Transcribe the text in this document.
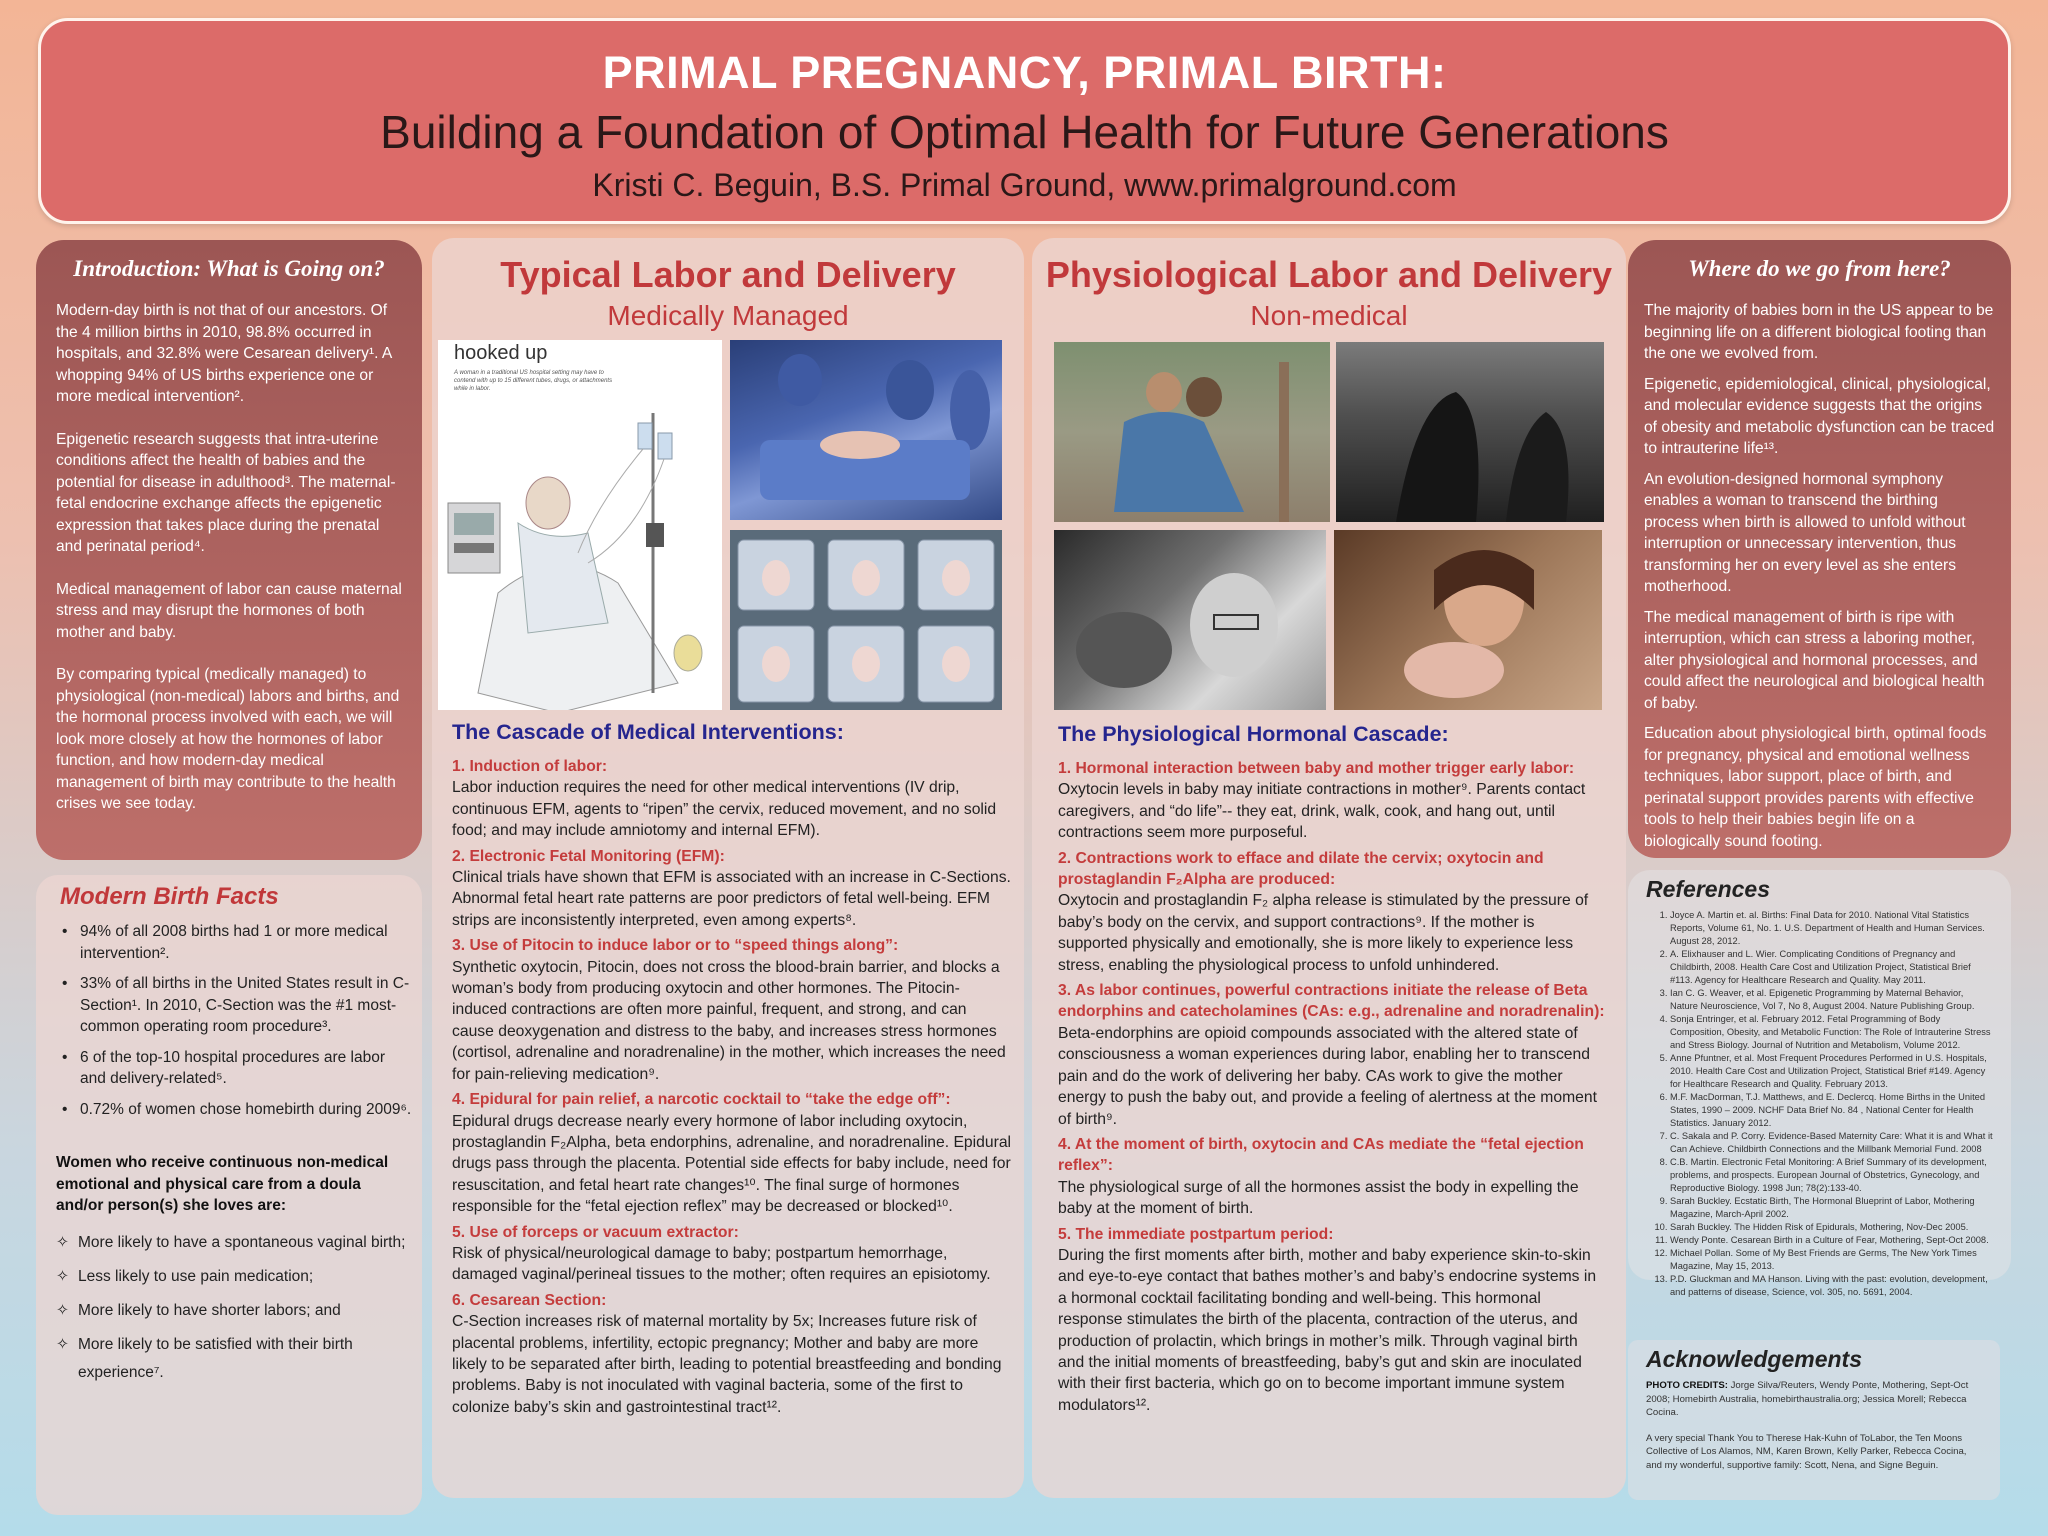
PRIMAL PREGNANCY, PRIMAL BIRTH:
Building a Foundation of Optimal Health for Future Generations
Kristi C. Beguin, B.S. Primal Ground, www.primalground.com
Introduction: What is Going on?

Modern-day birth is not that of our ancestors. Of the 4 million births in 2010, 98.8% occurred in hospitals, and 32.8% were Cesarean delivery¹. A whopping 94% of US births experience one or more medical intervention².

Epigenetic research suggests that intra-uterine conditions affect the health of babies and the potential for disease in adulthood³. The maternal-fetal endocrine exchange affects the epigenetic expression that takes place during the prenatal and perinatal period⁴.

Medical management of labor can cause maternal stress and may disrupt the hormones of both mother and baby.

By comparing typical (medically managed) to physiological (non-medical) labors and births, and the hormonal process involved with each, we will look more closely at how the hormones of labor function, and how modern-day medical management of birth may contribute to the health crises we see today.

Modern Birth Facts
• 94% of all 2008 births had 1 or more medical intervention².
• 33% of all births in the United States result in C-Section¹. In 2010, C-Section was the #1 most-common operating room procedure³.
• 6 of the top-10 hospital procedures are labor and delivery-related⁵.
• 0.72% of women chose homebirth during 2009⁶.
Women who receive continuous non-medical emotional and physical care from a doula and/or person(s) she loves are:
✧ More likely to have a spontaneous vaginal birth;
✧ Less likely to use pain medication;
✧ More likely to have shorter labors; and
✧ More likely to be satisfied with their birth experience⁷.
Typical Labor and Delivery
Medically Managed
hooked up
A woman in a traditional US hospital setting may have to contend with up to 15 different tubes, drugs, or attachments while in labor.
The Cascade of Medical Interventions:
1. Induction of labor:
Labor induction requires the need for other medical interventions (IV drip, continuous EFM, agents to “ripen” the cervix, reduced movement, and no solid food; and may include amniotomy and internal EFM).
2. Electronic Fetal Monitoring (EFM):
Clinical trials have shown that EFM is associated with an increase in C-Sections. Abnormal fetal heart rate patterns are poor predictors of fetal well-being. EFM strips are inconsistently interpreted, even among experts⁸.
3. Use of Pitocin to induce labor or to “speed things along”:
Synthetic oxytocin, Pitocin, does not cross the blood-brain barrier, and blocks a woman’s body from producing oxytocin and other hormones. The Pitocin-induced contractions are often more painful, frequent, and strong, and can cause deoxygenation and distress to the baby, and increases stress hormones (cortisol, adrenaline and noradrenaline) in the mother, which increases the need for pain-relieving medication⁹.
4. Epidural for pain relief, a narcotic cocktail to “take the edge off”:
Epidural drugs decrease nearly every hormone of labor including oxytocin, prostaglandin F₂Alpha, beta endorphins, adrenaline, and noradrenaline. Epidural drugs pass through the placenta. Potential side effects for baby include, need for resuscitation, and fetal heart rate changes¹⁰. The final surge of hormones responsible for the “fetal ejection reflex” may be decreased or blocked¹⁰.
5. Use of forceps or vacuum extractor:
Risk of physical/neurological damage to baby; postpartum hemorrhage, damaged vaginal/perineal tissues to the mother; often requires an episiotomy.
6. Cesarean Section:
C-Section increases risk of maternal mortality by 5x; Increases future risk of placental problems, infertility, ectopic pregnancy; Mother and baby are more likely to be separated after birth, leading to potential breastfeeding and bonding problems. Baby is not inoculated with vaginal bacteria, some of the first to colonize baby’s skin and gastrointestinal tract¹².
Physiological Labor and Delivery
Non-medical
The Physiological Hormonal Cascade:
1. Hormonal interaction between baby and mother trigger early labor:
Oxytocin levels in baby may initiate contractions in mother⁹. Parents contact caregivers, and “do life”-- they eat, drink, walk, cook, and hang out, until contractions seem more purposeful.
2. Contractions work to efface and dilate the cervix; oxytocin and prostaglandin F₂Alpha are produced:
Oxytocin and prostaglandin F₂ alpha release is stimulated by the pressure of baby’s body on the cervix, and support contractions⁹. If the mother is supported physically and emotionally, she is more likely to experience less stress, enabling the physiological process to unfold unhindered.
3. As labor continues, powerful contractions initiate the release of Beta endorphins and catecholamines (CAs: e.g., adrenaline and noradrenalin):
Beta-endorphins are opioid compounds associated with the altered state of consciousness a woman experiences during labor, enabling her to transcend pain and do the work of delivering her baby. CAs work to give the mother energy to push the baby out, and provide a feeling of alertness at the moment of birth⁹.
4. At the moment of birth, oxytocin and CAs mediate the “fetal ejection reflex”:
The physiological surge of all the hormones assist the body in expelling the baby at the moment of birth.
5. The immediate postpartum period:
During the first moments after birth, mother and baby experience skin-to-skin and eye-to-eye contact that bathes mother’s and baby’s endocrine systems in a hormonal cocktail facilitating bonding and well-being. This hormonal response stimulates the birth of the placenta, contraction of the uterus, and production of prolactin, which brings in mother’s milk. Through vaginal birth and the initial moments of breastfeeding, baby’s gut and skin are inoculated with their first bacteria, which go on to become important immune system modulators¹².
Where do we go from here?

The majority of babies born in the US appear to be beginning life on a different biological footing than the one we evolved from.

Epigenetic, epidemiological, clinical, physiological, and molecular evidence suggests that the origins of obesity and metabolic dysfunction can be traced to intrauterine life¹³.

An evolution-designed hormonal symphony enables a woman to transcend the birthing process when birth is allowed to unfold without interruption or unnecessary intervention, thus transforming her on every level as she enters motherhood.

The medical management of birth is ripe with interruption, which can stress a laboring mother, alter physiological and hormonal processes, and could affect the neurological and biological health of baby.

Education about physiological birth, optimal foods for pregnancy, physical and emotional wellness techniques, labor support, place of birth, and perinatal support provides parents with effective tools to help their babies begin life on a biologically sound footing.

References
1. Joyce A. Martin et. al. Births: Final Data for 2010. National Vital Statistics Reports, Volume 61, No. 1. U.S. Department of Health and Human Services. August 28, 2012.
2. A. Elixhauser and L. Wier. Complicating Conditions of Pregnancy and Childbirth, 2008. Health Care Cost and Utilization Project, Statistical Brief #113. Agency for Healthcare Research and Quality. May 2011.
3. Ian C. G. Weaver, et al. Epigenetic Programming by Maternal Behavior, Nature Neuroscience, Vol 7, No 8, August 2004. Nature Publishing Group.
4. Sonja Entringer, et al. February 2012. Fetal Programming of Body Composition, Obesity, and Metabolic Function: The Role of Intrauterine Stress and Stress Biology. Journal of Nutrition and Metabolism, Volume 2012.
5. Anne Pfuntner, et al. Most Frequent Procedures Performed in U.S. Hospitals, 2010. Health Care Cost and Utilization Project, Statistical Brief #149. Agency for Healthcare Research and Quality. February 2013.
6. M.F. MacDorman, T.J. Matthews, and E. Declercq. Home Births in the United States, 1990 – 2009. NCHF Data Brief No. 84 , National Center for Health Statistics. January 2012.
7. C. Sakala and P. Corry. Evidence-Based Maternity Care: What it is and What it Can Achieve. Childbirth Connections and the Millbank Memorial Fund. 2008
8. C.B. Martin. Electronic Fetal Monitoring: A Brief Summary of its development, problems, and prospects. European Journal of Obstetrics, Gynecology, and Reproductive Biology. 1998 Jun; 78(2):133-40.
9. Sarah Buckley. Ecstatic Birth, The Hormonal Blueprint of Labor, Mothering Magazine, March-April 2002.
10. Sarah Buckley. The Hidden Risk of Epidurals, Mothering, Nov-Dec 2005.
11. Wendy Ponte. Cesarean Birth in a Culture of Fear, Mothering, Sept-Oct 2008.
12. Michael Pollan. Some of My Best Friends are Germs, The New York Times Magazine, May 15, 2013.
13. P.D. Gluckman and MA Hanson. Living with the past: evolution, development, and patterns of disease, Science, vol. 305, no. 5691, 2004.
Acknowledgements
PHOTO CREDITS: Jorge Silva/Reuters, Wendy Ponte, Mothering, Sept-Oct 2008; Homebirth Australia, homebirthaustralia.org; Jessica Morell; Rebecca Cocina.
A very special Thank You to Therese Hak-Kuhn of ToLabor, the Ten Moons Collective of Los Alamos, NM, Karen Brown, Kelly Parker, Rebecca Cocina, and my wonderful, supportive family: Scott, Nena, and Signe Beguin.
